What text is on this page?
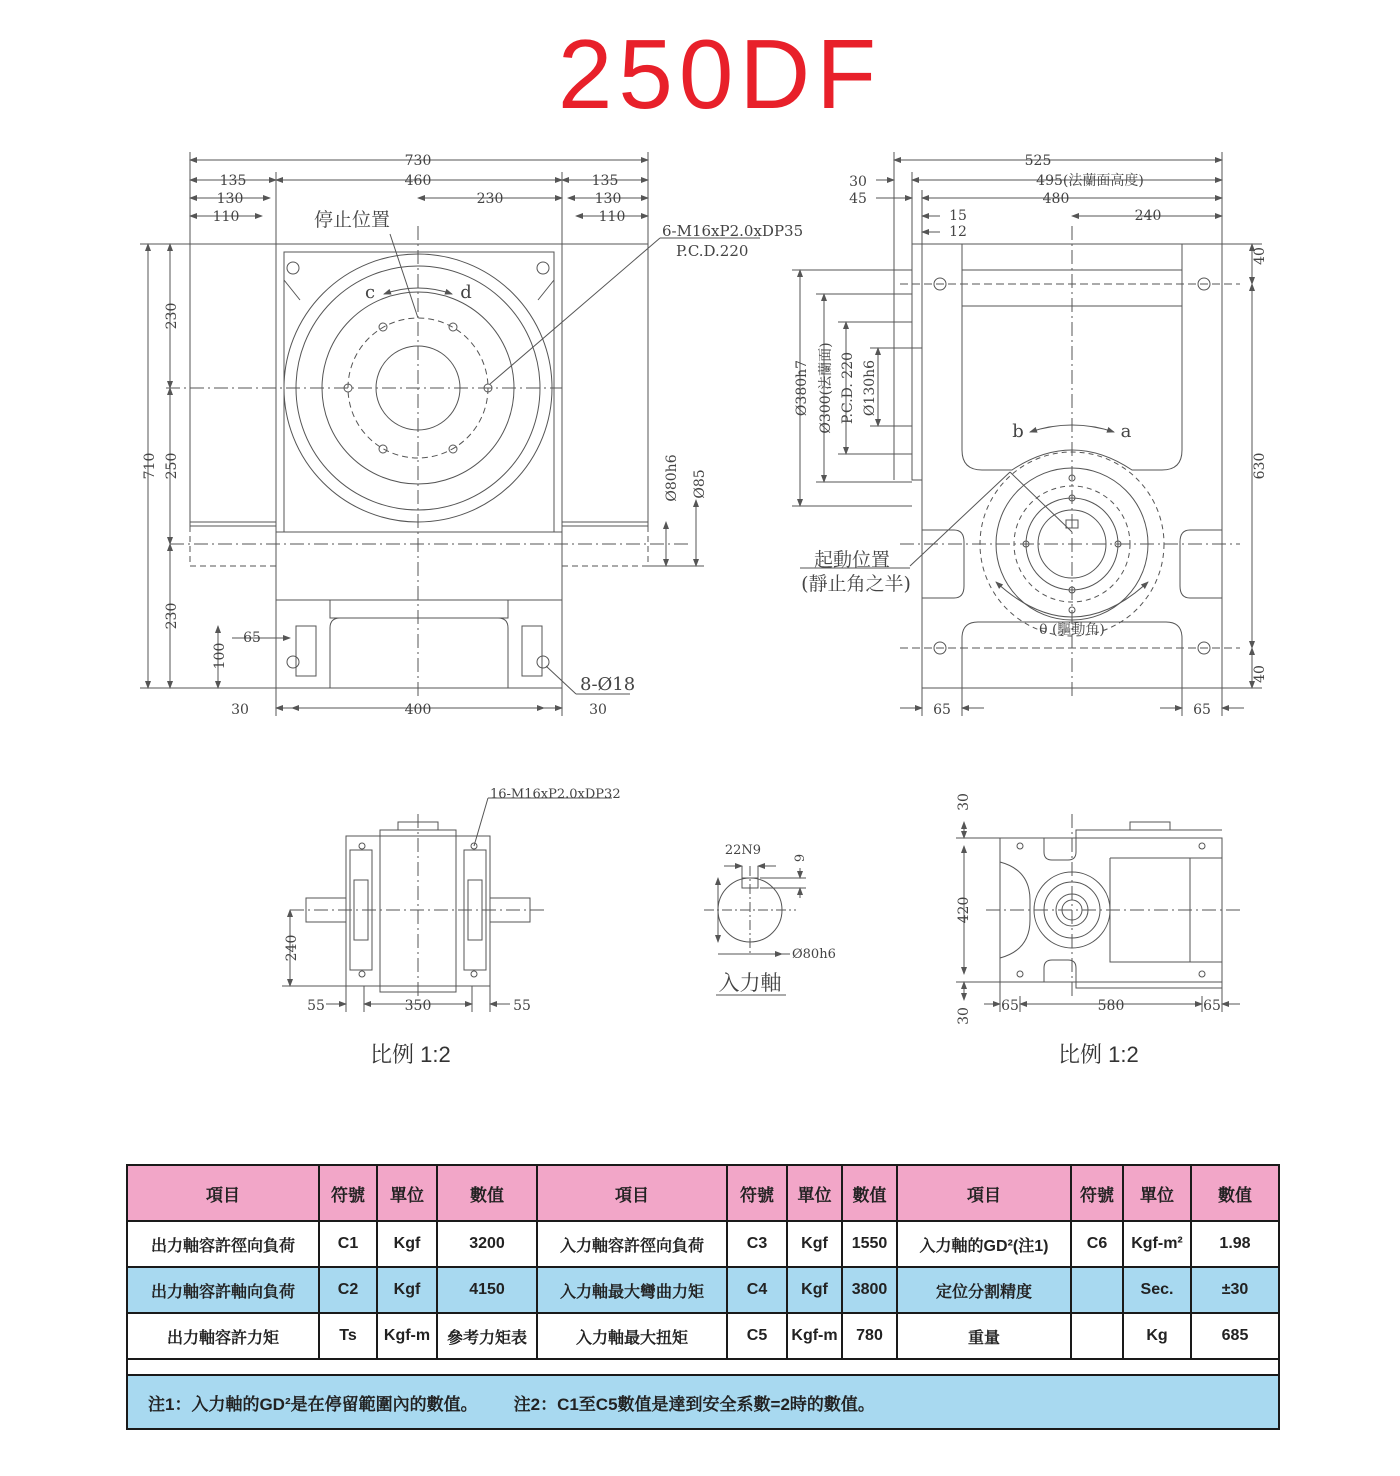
250DF
730
135	460	135
130	230	130
110	110
停止位置
c	d
6-M16xP2.0xDP35
P.C.D.220
710
230
250
230
100
65
Ø80h6 Ø85
30	400	30
8-Ø18
525
495(法蘭面高度)
30
45	480
15
12
240
Ø380h7 Ø300(法蘭面) P.C.D. 220 Ø130h6
40
630
40
b	a
起動位置
(靜止角之半)
θ (驅動角)
65	65
16-M16xP2.0xDP32
240
55	350	55
22N9 9
Ø80h6
入力軸
30
420
30
65	580	65
比例 1:2	比例 1:2
項目	符號	單位	數值	項目	符號	單位	數值	項目	符號	單位	數值
出力軸容許徑向負荷	C1	Kgf	3200	入力軸容許徑向負荷	C3	Kgf	1550	入力軸的GD²(注1)	C6	Kgf-m²	1.98
出力軸容許軸向負荷	C2	Kgf	4150	入力軸最大彎曲力矩	C4	Kgf	3800	定位分割精度		Sec.	±30
出力軸容許力矩	Ts	Kgf-m	參考力矩表	入力軸最大扭矩	C5	Kgf-m	780	重量		Kg	685

注1：入力軸的GD²是在停留範圍內的數值。 注2：C1至C5數值是達到安全系數=2時的數值。											
